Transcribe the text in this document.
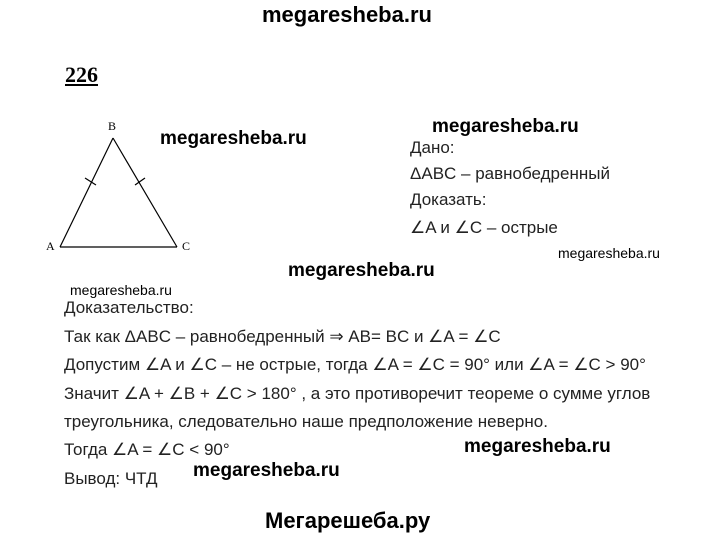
megaresheba.ru
226
B
A	C
megaresheba.ru
megaresheba.ru
megaresheba.ru
megaresheba.ru
megaresheba.ru
megaresheba.ru
megaresheba.ru
Дано:
ΔABC – равнобедренный
Доказать:
∠A и ∠C – острые
Доказательство:
Так как ΔABC – равнобедренный ⇒ AB= BC и ∠A = ∠C
Допустим ∠A и ∠C – не острые, тогда ∠A = ∠C = 90° или ∠A = ∠C > 90°
Значит ∠A + ∠B + ∠C > 180° , а это противоречит теореме о сумме углов
треугольника, следовательно наше предположение неверно.
Тогда ∠A = ∠C < 90°
Вывод: ЧТД
Мегарешеба.ру
